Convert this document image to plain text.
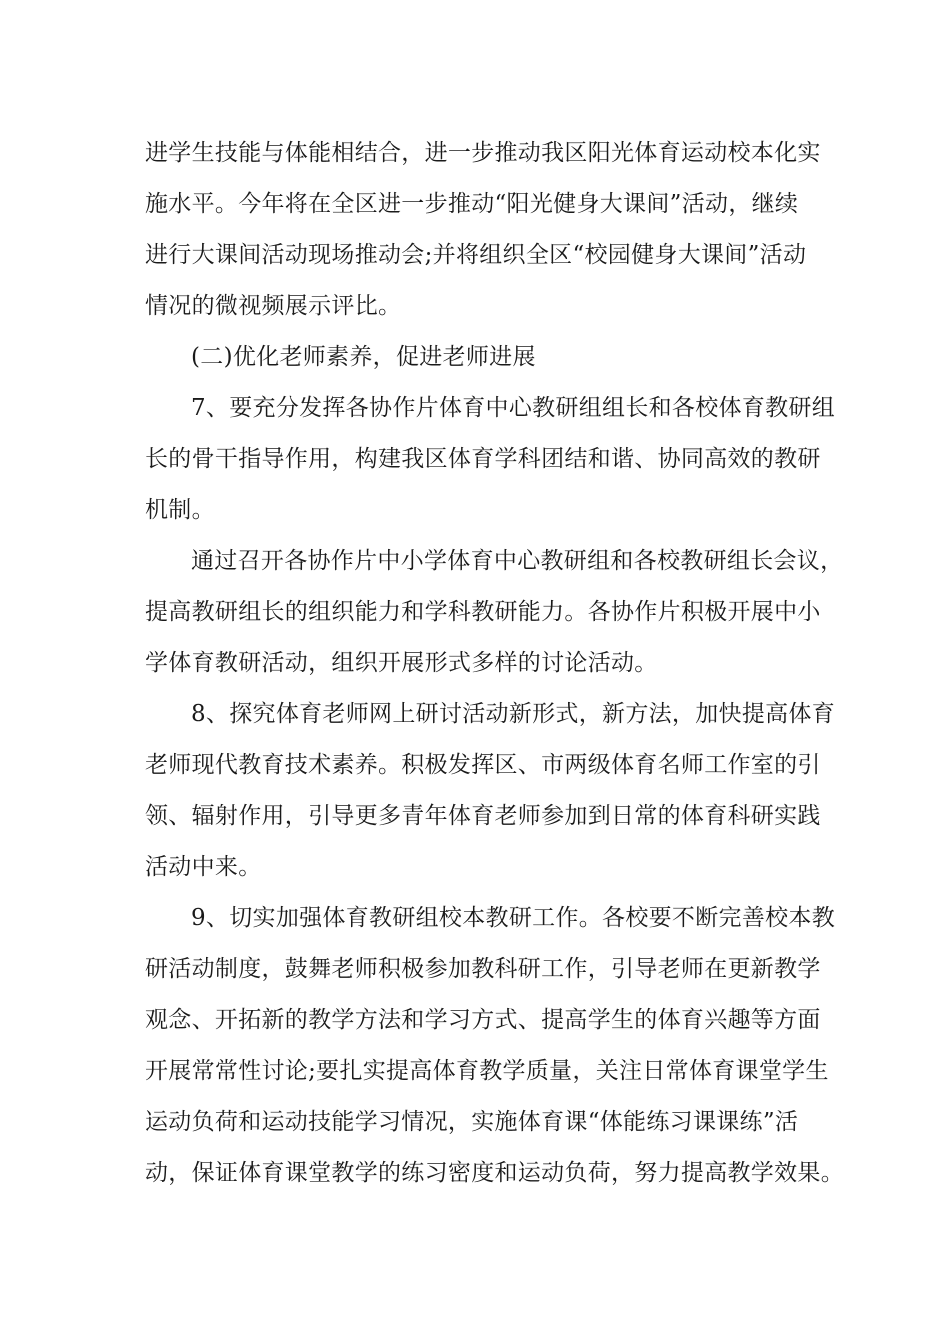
进学生技能与体能相结合，进一步推动我区阳光体育运动校本化实
施水平。今年将在全区进一步推动“阳光健身大课间”活动，继续
进行大课间活动现场推动会;并将组织全区“校园健身大课间”活动
情况的微视频展示评比。
(二)优化老师素养，促进老师进展
7、要充分发挥各协作片体育中心教研组组长和各校体育教研组
长的骨干指导作用，构建我区体育学科团结和谐、协同高效的教研
机制。
通过召开各协作片中小学体育中心教研组和各校教研组长会议，
提高教研组长的组织能力和学科教研能力。各协作片积极开展中小
学体育教研活动，组织开展形式多样的讨论活动。
8、探究体育老师网上研讨活动新形式，新方法，加快提高体育
老师现代教育技术素养。积极发挥区、市两级体育名师工作室的引
领、辐射作用，引导更多青年体育老师参加到日常的体育科研实践
活动中来。
9、切实加强体育教研组校本教研工作。各校要不断完善校本教
研活动制度，鼓舞老师积极参加教科研工作，引导老师在更新教学
观念、开拓新的教学方法和学习方式、提高学生的体育兴趣等方面
开展常常性讨论;要扎实提高体育教学质量，关注日常体育课堂学生
运动负荷和运动技能学习情况，实施体育课“体能练习课课练”活
动，保证体育课堂教学的练习密度和运动负荷，努力提高教学效果。
